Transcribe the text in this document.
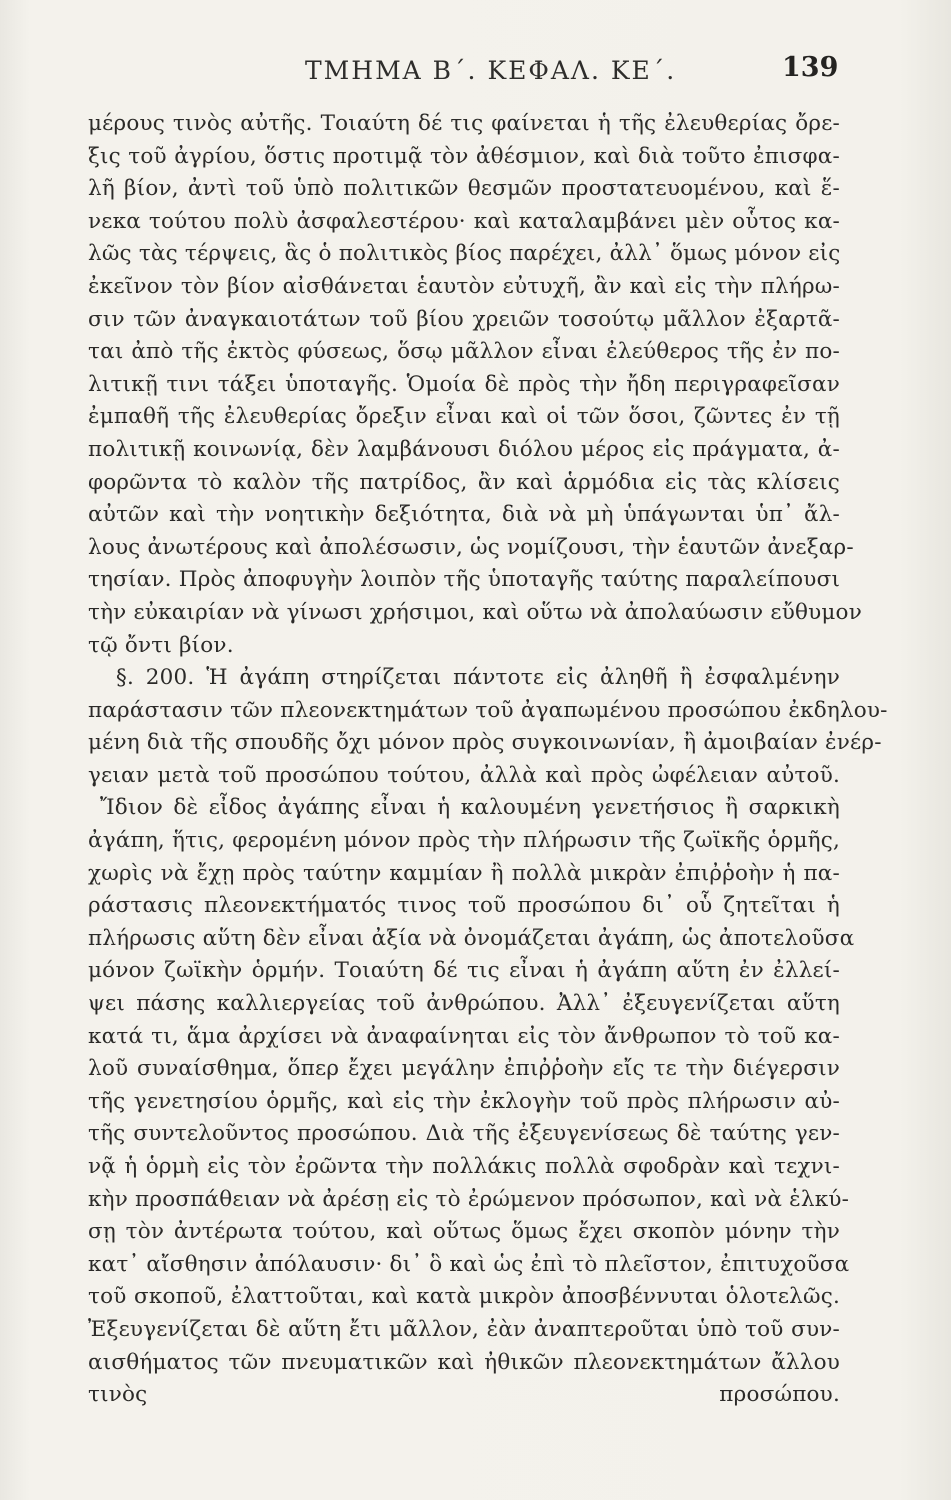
ΤΜΗΜΑ Β΄. ΚΕΦΑΛ. ΚΕ΄.	139
μέρους τινὸς αὐτῆς. Τοιαύτη δέ τις φαίνεται ἡ τῆς ἐλευθερίας ὄρε-
ξις τοῦ ἀγρίου, ὅστις προτιμᾷ τὸν ἀθέσμιον, καὶ διὰ τοῦτο ἐπισφα-
λῆ βίον, ἀντὶ τοῦ ὑπὸ πολιτικῶν θεσμῶν προστατευομένου, καὶ ἕ-
νεκα τούτου πολὺ ἀσφαλεστέρου· καὶ καταλαμβάνει μὲν οὗτος κα-
λῶς τὰς τέρψεις, ἃς ὁ πολιτικὸς βίος παρέχει, ἀλλ᾽ ὅμως μόνον εἰς
ἐκεῖνον τὸν βίον αἰσθάνεται ἑαυτὸν εὐτυχῆ, ἂν καὶ εἰς τὴν πλήρω-
σιν τῶν ἀναγκαιοτάτων τοῦ βίου χρειῶν τοσούτῳ μᾶλλον ἐξαρτᾶ-
ται ἀπὸ τῆς ἐκτὸς φύσεως, ὅσῳ μᾶλλον εἶναι ἐλεύθερος τῆς ἐν πο-
λιτικῇ τινι τάξει ὑποταγῆς. Ὁμοία δὲ πρὸς τὴν ἤδη περιγραφεῖσαν
ἐμπαθῆ τῆς ἐλευθερίας ὄρεξιν εἶναι καὶ οἱ τῶν ὅσοι, ζῶντες ἐν τῇ
πολιτικῇ κοινωνίᾳ, δὲν λαμβάνουσι διόλου μέρος εἰς πράγματα, ἀ-
φορῶντα τὸ καλὸν τῆς πατρίδος, ἂν καὶ ἁρμόδια εἰς τὰς κλίσεις
αὐτῶν καὶ τὴν νοητικὴν δεξιότητα, διὰ νὰ μὴ ὑπάγωνται ὑπ᾽ ἄλ-
λους ἀνωτέρους καὶ ἀπολέσωσιν, ὡς νομίζουσι, τὴν ἑαυτῶν ἀνεξαρ-
τησίαν. Πρὸς ἀποφυγὴν λοιπὸν τῆς ὑποταγῆς ταύτης παραλείπουσι
τὴν εὐκαιρίαν νὰ γίνωσι χρήσιμοι, καὶ οὕτω νὰ ἀπολαύωσιν εὔθυμον
τῷ ὄντι βίον.
§. 200. Ἡ ἀγάπη στηρίζεται πάντοτε εἰς ἀληθῆ ἢ ἐσφαλμένην
παράστασιν τῶν πλεονεκτημάτων τοῦ ἀγαπωμένου προσώπου ἐκδηλου-
μένη διὰ τῆς σπουδῆς ὄχι μόνον πρὸς συγκοινωνίαν, ἢ ἀμοιβαίαν ἐνέρ-
γειαν μετὰ τοῦ προσώπου τούτου, ἀλλὰ καὶ πρὸς ὠφέλειαν αὐτοῦ.
Ἴδιον δὲ εἶδος ἀγάπης εἶναι ἡ καλουμένη γενετήσιος ἢ σαρκικὴ
ἀγάπη, ἥτις, φερομένη μόνον πρὸς τὴν πλήρωσιν τῆς ζωϊκῆς ὁρμῆς,
χωρὶς νὰ ἔχῃ πρὸς ταύτην καμμίαν ἢ πολλὰ μικρὰν ἐπιῤῥοὴν ἡ πα-
ράστασις πλεονεκτήματός τινος τοῦ προσώπου δι᾽ οὗ ζητεῖται ἡ
πλήρωσις αὕτη δὲν εἶναι ἀξία νὰ ὀνομάζεται ἀγάπη, ὡς ἀποτελοῦσα
μόνον ζωϊκὴν ὁρμήν. Τοιαύτη δέ τις εἶναι ἡ ἀγάπη αὕτη ἐν ἐλλεί-
ψει πάσης καλλιεργείας τοῦ ἀνθρώπου. Ἀλλ᾽ ἐξευγενίζεται αὕτη
κατά τι, ἅμα ἀρχίσει νὰ ἀναφαίνηται εἰς τὸν ἄνθρωπον τὸ τοῦ κα-
λοῦ συναίσθημα, ὅπερ ἔχει μεγάλην ἐπιῤῥοὴν εἴς τε τὴν διέγερσιν
τῆς γενετησίου ὁρμῆς, καὶ εἰς τὴν ἐκλογὴν τοῦ πρὸς πλήρωσιν αὐ-
τῆς συντελοῦντος προσώπου. Διὰ τῆς ἐξευγενίσεως δὲ ταύτης γεν-
νᾷ ἡ ὁρμὴ εἰς τὸν ἐρῶντα τὴν πολλάκις πολλὰ σφοδρὰν καὶ τεχνι-
κὴν προσπάθειαν νὰ ἀρέσῃ εἰς τὸ ἐρώμενον πρόσωπον, καὶ νὰ ἑλκύ-
σῃ τὸν ἀντέρωτα τούτου, καὶ οὕτως ὅμως ἔχει σκοπὸν μόνην τὴν
κατ᾽ αἴσθησιν ἀπόλαυσιν· δι᾽ ὃ καὶ ὡς ἐπὶ τὸ πλεῖστον, ἐπιτυχοῦσα
τοῦ σκοποῦ, ἐλαττοῦται, καὶ κατὰ μικρὸν ἀποσβέννυται ὁλοτελῶς.
Ἐξευγενίζεται δὲ αὕτη ἔτι μᾶλλον, ἐὰν ἀναπτεροῦται ὑπὸ τοῦ συν-
αισθήματος τῶν πνευματικῶν καὶ ἠθικῶν πλεονεκτημάτων ἄλλου
τινὸς προσώπου.
